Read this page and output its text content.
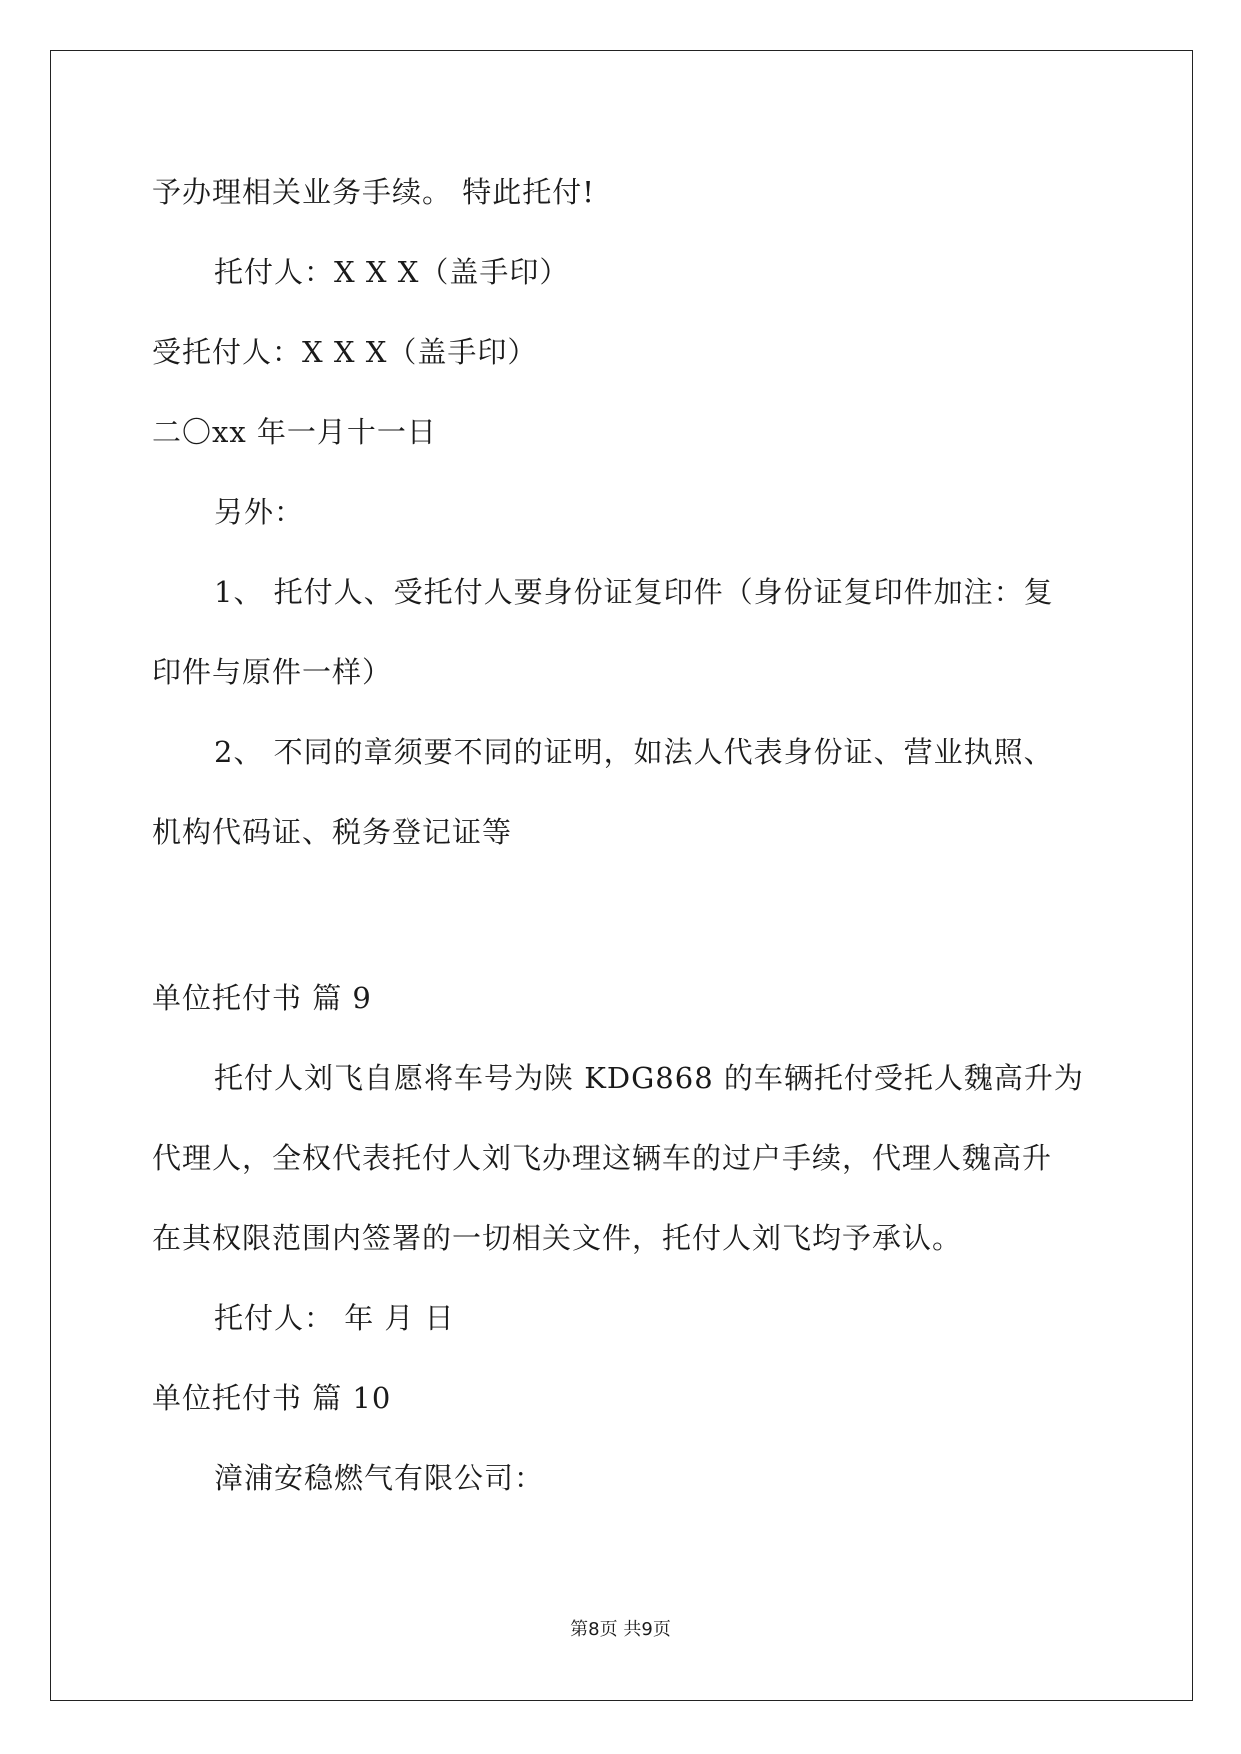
予办理相关业务手续。 特此托付!
托付人：X X X（盖手印）
受托付人：X X X（盖手印）
二〇xx 年一月十一日
另外：
1、 托付人、受托付人要身份证复印件（身份证复印件加注：复
印件与原件一样）
2、 不同的章须要不同的证明，如法人代表身份证、营业执照、
机构代码证、税务登记证等
单位托付书 篇 9
托付人刘飞自愿将车号为陕 KDG868 的车辆托付受托人魏高升为
代理人，全权代表托付人刘飞办理这辆车的过户手续，代理人魏高升
在其权限范围内签署的一切相关文件，托付人刘飞均予承认。
托付人： 年 月 日
单位托付书 篇 10
漳浦安稳燃气有限公司：
第8页 共9页
